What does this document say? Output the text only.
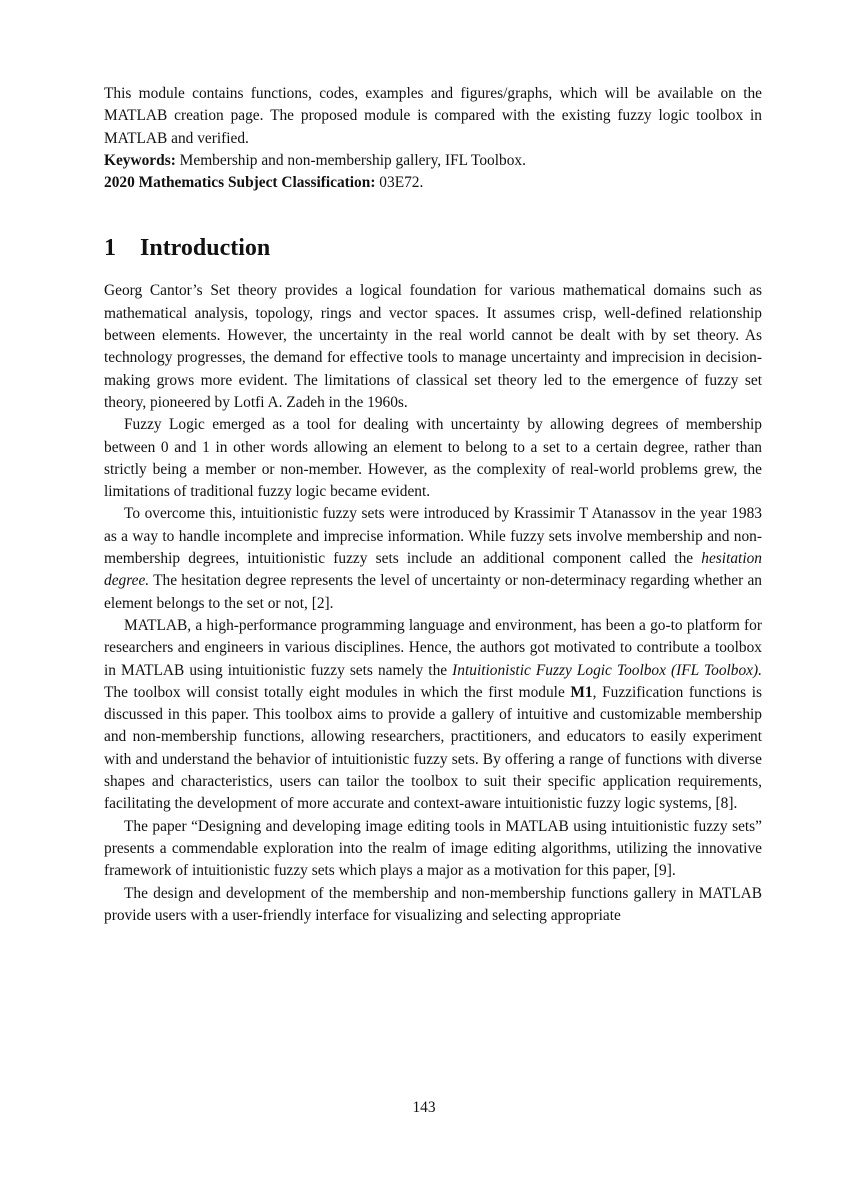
This module contains functions, codes, examples and figures/graphs, which will be available on the MATLAB creation page. The proposed module is compared with the existing fuzzy logic toolbox in MATLAB and verified.

Keywords: Membership and non-membership gallery, IFL Toolbox.
2020 Mathematics Subject Classification: 03E72.
1 Introduction

Georg Cantor’s Set theory provides a logical foundation for various mathematical domains such as mathematical analysis, topology, rings and vector spaces. It assumes crisp, well-defined relationship between elements. However, the uncertainty in the real world cannot be dealt with by set theory. As technology progresses, the demand for effective tools to manage uncertainty and imprecision in decision-making grows more evident. The limitations of classical set theory led to the emergence of fuzzy set theory, pioneered by Lotfi A. Zadeh in the 1960s.

Fuzzy Logic emerged as a tool for dealing with uncertainty by allowing degrees of membership between 0 and 1 in other words allowing an element to belong to a set to a certain degree, rather than strictly being a member or non-member. However, as the complexity of real-world problems grew, the limitations of traditional fuzzy logic became evident.

To overcome this, intuitionistic fuzzy sets were introduced by Krassimir T Atanassov in the year 1983 as a way to handle incomplete and imprecise information. While fuzzy sets involve membership and non-membership degrees, intuitionistic fuzzy sets include an additional component called the hesitation degree. The hesitation degree represents the level of uncertainty or non-determinacy regarding whether an element belongs to the set or not, [2].

MATLAB, a high-performance programming language and environment, has been a go-to platform for researchers and engineers in various disciplines. Hence, the authors got motivated to contribute a toolbox in MATLAB using intuitionistic fuzzy sets namely the Intuitionistic Fuzzy Logic Toolbox (IFL Toolbox). The toolbox will consist totally eight modules in which the first module M1, Fuzzification functions is discussed in this paper. This toolbox aims to provide a gallery of intuitive and customizable membership and non-membership functions, allowing researchers, practitioners, and educators to easily experiment with and understand the behavior of intuitionistic fuzzy sets. By offering a range of functions with diverse shapes and characteristics, users can tailor the toolbox to suit their specific application requirements, facilitating the development of more accurate and context-aware intuitionistic fuzzy logic systems, [8].

The paper “Designing and developing image editing tools in MATLAB using intuitionistic fuzzy sets” presents a commendable exploration into the realm of image editing algorithms, utilizing the innovative framework of intuitionistic fuzzy sets which plays a major as a motivation for this paper, [9].

The design and development of the membership and non-membership functions gallery in MATLAB provide users with a user-friendly interface for visualizing and selecting appropriate

143
